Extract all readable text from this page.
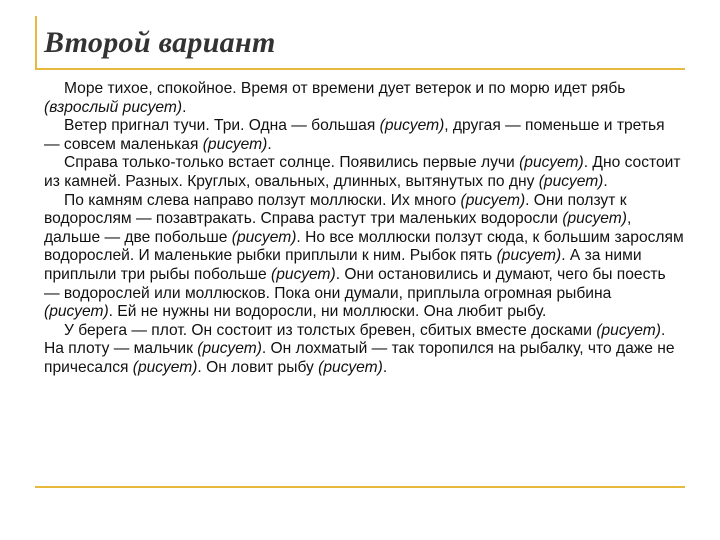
Второй вариант

Море тихое, спокойное. Время от времени дует ветерок и по морю идет рябь (взрослый рисует).

Ветер пригнал тучи. Три. Одна — большая (рисует), другая — поменьше и третья — совсем маленькая (рисует).

Справа только-только встает солнце. Появились первые лучи (рисует). Дно состоит из камней. Разных. Круглых, овальных, длинных, вытянутых по дну (рисует).

По камням слева направо ползут моллюски. Их много (рисует). Они ползут к водорослям — позавтракать. Справа растут три маленьких водоросли (рисует), дальше — две побольше (рисует). Но все моллюски ползут сюда, к большим зарослям водорослей. И маленькие рыбки приплыли к ним. Рыбок пять (рисует). А за ними приплыли три рыбы побольше (рисует). Они остановились и думают, чего бы поесть — водорослей или моллюсков. Пока они думали, приплыла огромная рыбина (рисует). Ей не нужны ни водоросли, ни моллюски. Она любит рыбу.

У берега — плот. Он состоит из толстых бревен, сбитых вместе досками (рисует). На плоту — мальчик (рисует). Он лохматый — так торопился на рыбалку, что даже не причесался (рисует). Он ловит рыбу (рисует).
